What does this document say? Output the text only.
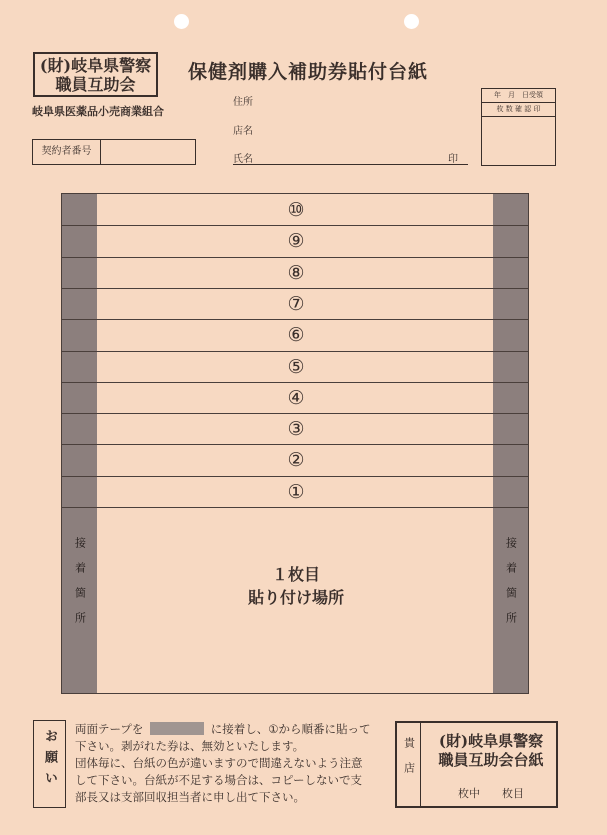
(財)岐阜県警察
職員互助会
岐阜県医薬品小売商業組合
契約者番号
保健剤購入補助券貼付台紙
住所
店名
氏名	印
年　月　日受領
枚 数 確 認 印
接着箇所	接着箇所
⑩
⑨
⑧
⑦
⑥
⑤
④
③
②
①
１枚目
貼り付け場所
お願い 両面テープを	に接着し、①から順番に貼って
下さい。剥がれた券は、無効といたします。
団体毎に、台紙の色が違いますので間違えないよう注意
して下さい。台紙が不足する場合は、コピーしないで支
部長又は支部回収担当者に申し出て下さい。
貴店	(財)岐阜県警察
職員互助会台紙
枚中　　枚目
